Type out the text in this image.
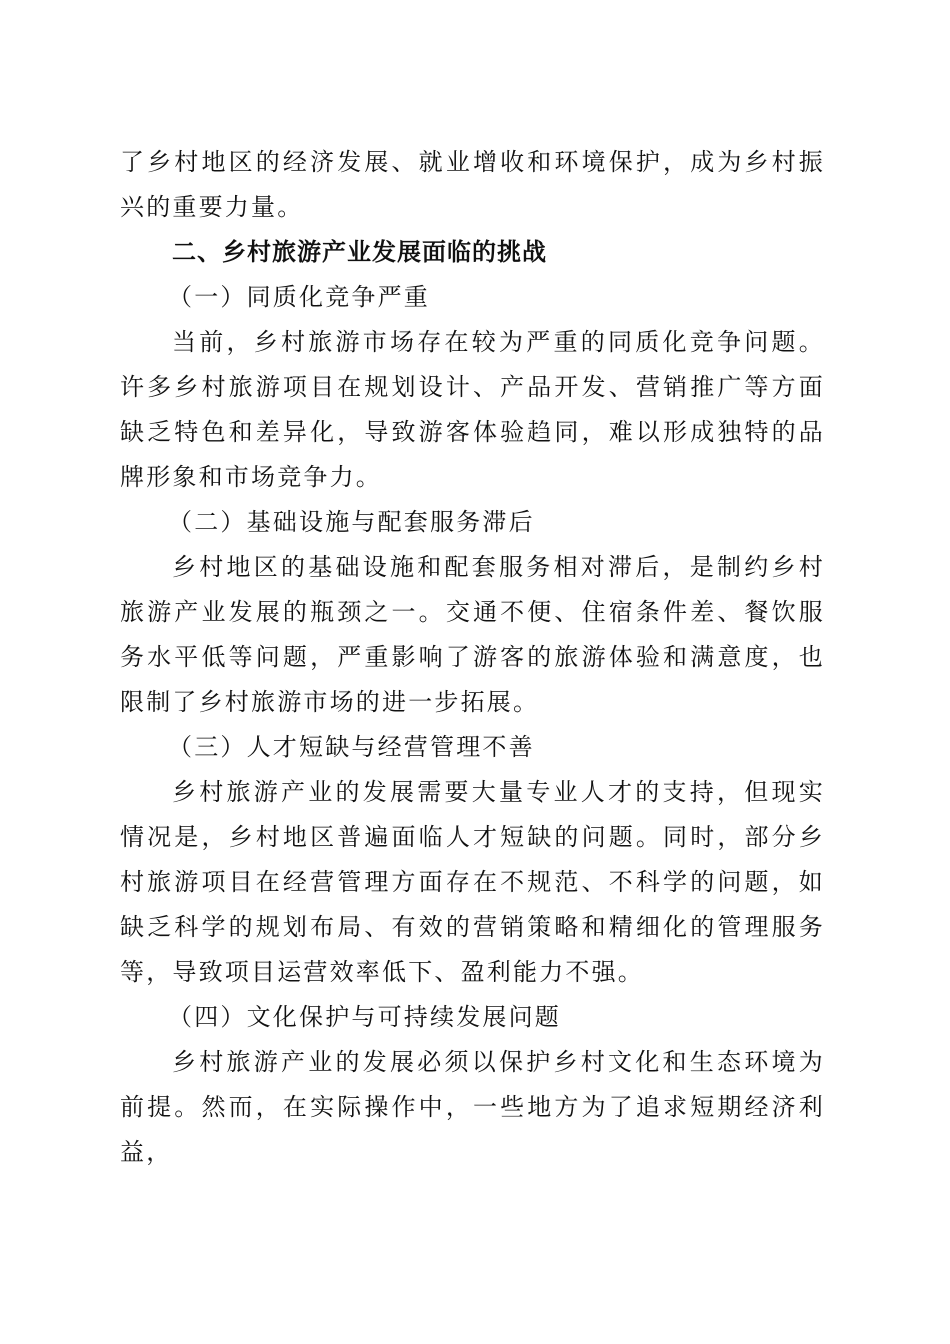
了乡村地区的经济发展、就业增收和环境保护，成为乡村振兴的重要力量。

二、乡村旅游产业发展面临的挑战
（一）同质化竞争严重

当前，乡村旅游市场存在较为严重的同质化竞争问题。许多乡村旅游项目在规划设计、产品开发、营销推广等方面缺乏特色和差异化，导致游客体验趋同，难以形成独特的品牌形象和市场竞争力。

（二）基础设施与配套服务滞后

乡村地区的基础设施和配套服务相对滞后，是制约乡村旅游产业发展的瓶颈之一。交通不便、住宿条件差、餐饮服务水平低等问题，严重影响了游客的旅游体验和满意度，也限制了乡村旅游市场的进一步拓展。

（三）人才短缺与经营管理不善

乡村旅游产业的发展需要大量专业人才的支持，但现实情况是，乡村地区普遍面临人才短缺的问题。同时，部分乡村旅游项目在经营管理方面存在不规范、不科学的问题，如缺乏科学的规划布局、有效的营销策略和精细化的管理服务等，导致项目运营效率低下、盈利能力不强。

（四）文化保护与可持续发展问题

乡村旅游产业的发展必须以保护乡村文化和生态环境为前提。然而，在实际操作中，一些地方为了追求短期经济利益，
